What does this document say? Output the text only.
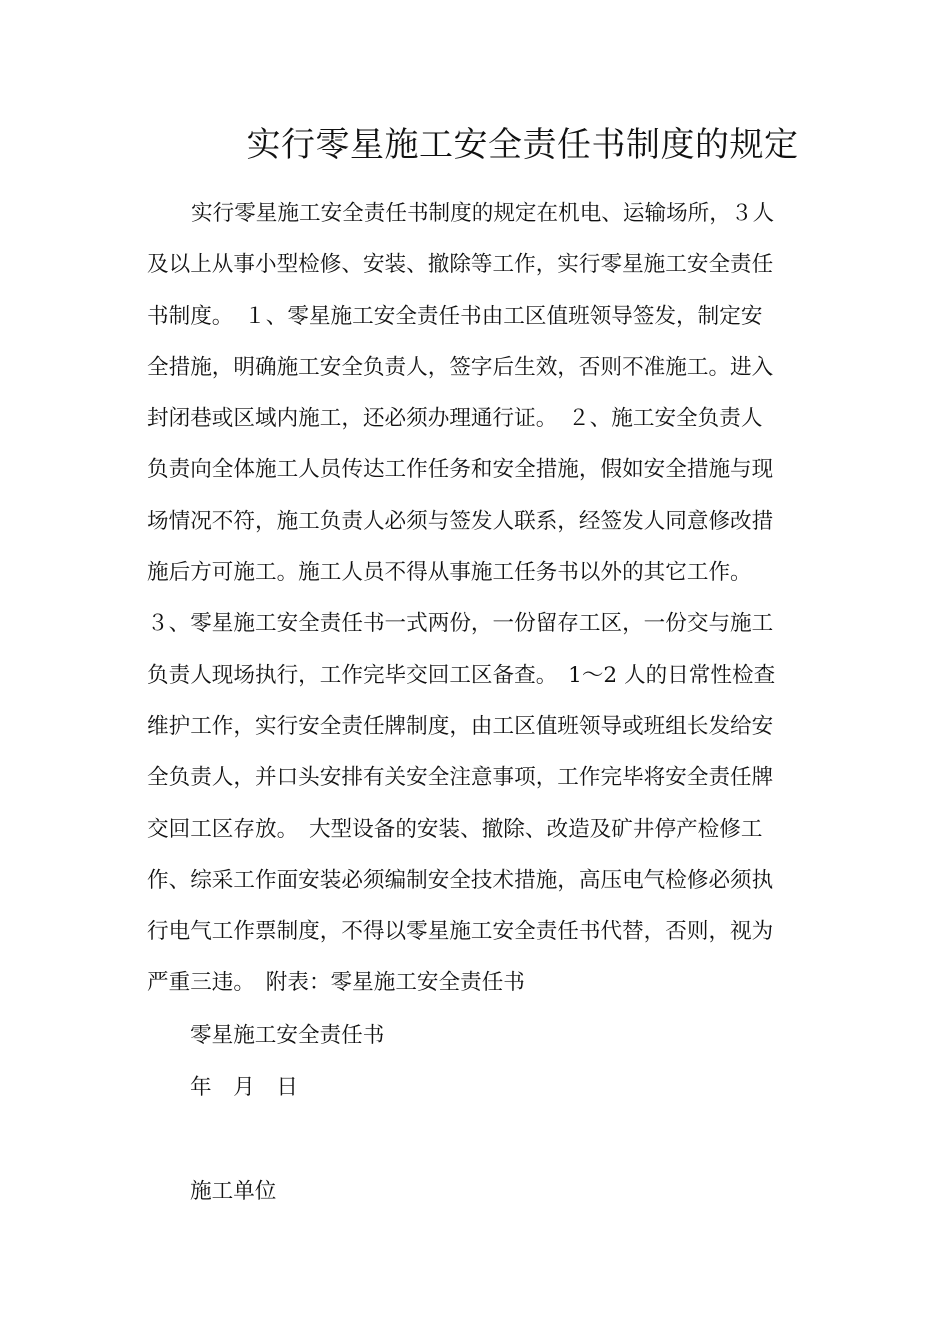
实行零星施工安全责任书制度的规定
实行零星施工安全责任书制度的规定在机电、运输场所，３人
及以上从事小型检修、安装、撤除等工作，实行零星施工安全责任
书制度。　１、零星施工安全责任书由工区值班领导签发，制定安
全措施，明确施工安全负责人，签字后生效，否则不准施工。进入
封闭巷或区域内施工，还必须办理通行证。　２、施工安全负责人
负责向全体施工人员传达工作任务和安全措施，假如安全措施与现
场情况不符，施工负责人必须与签发人联系，经签发人同意修改措
施后方可施工。施工人员不得从事施工任务书以外的其它工作。
３、零星施工安全责任书一式两份，一份留存工区，一份交与施工
负责人现场执行，工作完毕交回工区备查。　1～2 人的日常性检查
维护工作，实行安全责任牌制度，由工区值班领导或班组长发给安
全负责人，并口头安排有关安全注意事项，工作完毕将安全责任牌
交回工区存放。　大型设备的安装、撤除、改造及矿井停产检修工
作、综采工作面安装必须编制安全技术措施，高压电气检修必须执
行电气工作票制度，不得以零星施工安全责任书代替，否则，视为
严重三违。　附表：零星施工安全责任书

零星施工安全责任书

年　月　日

施工单位
